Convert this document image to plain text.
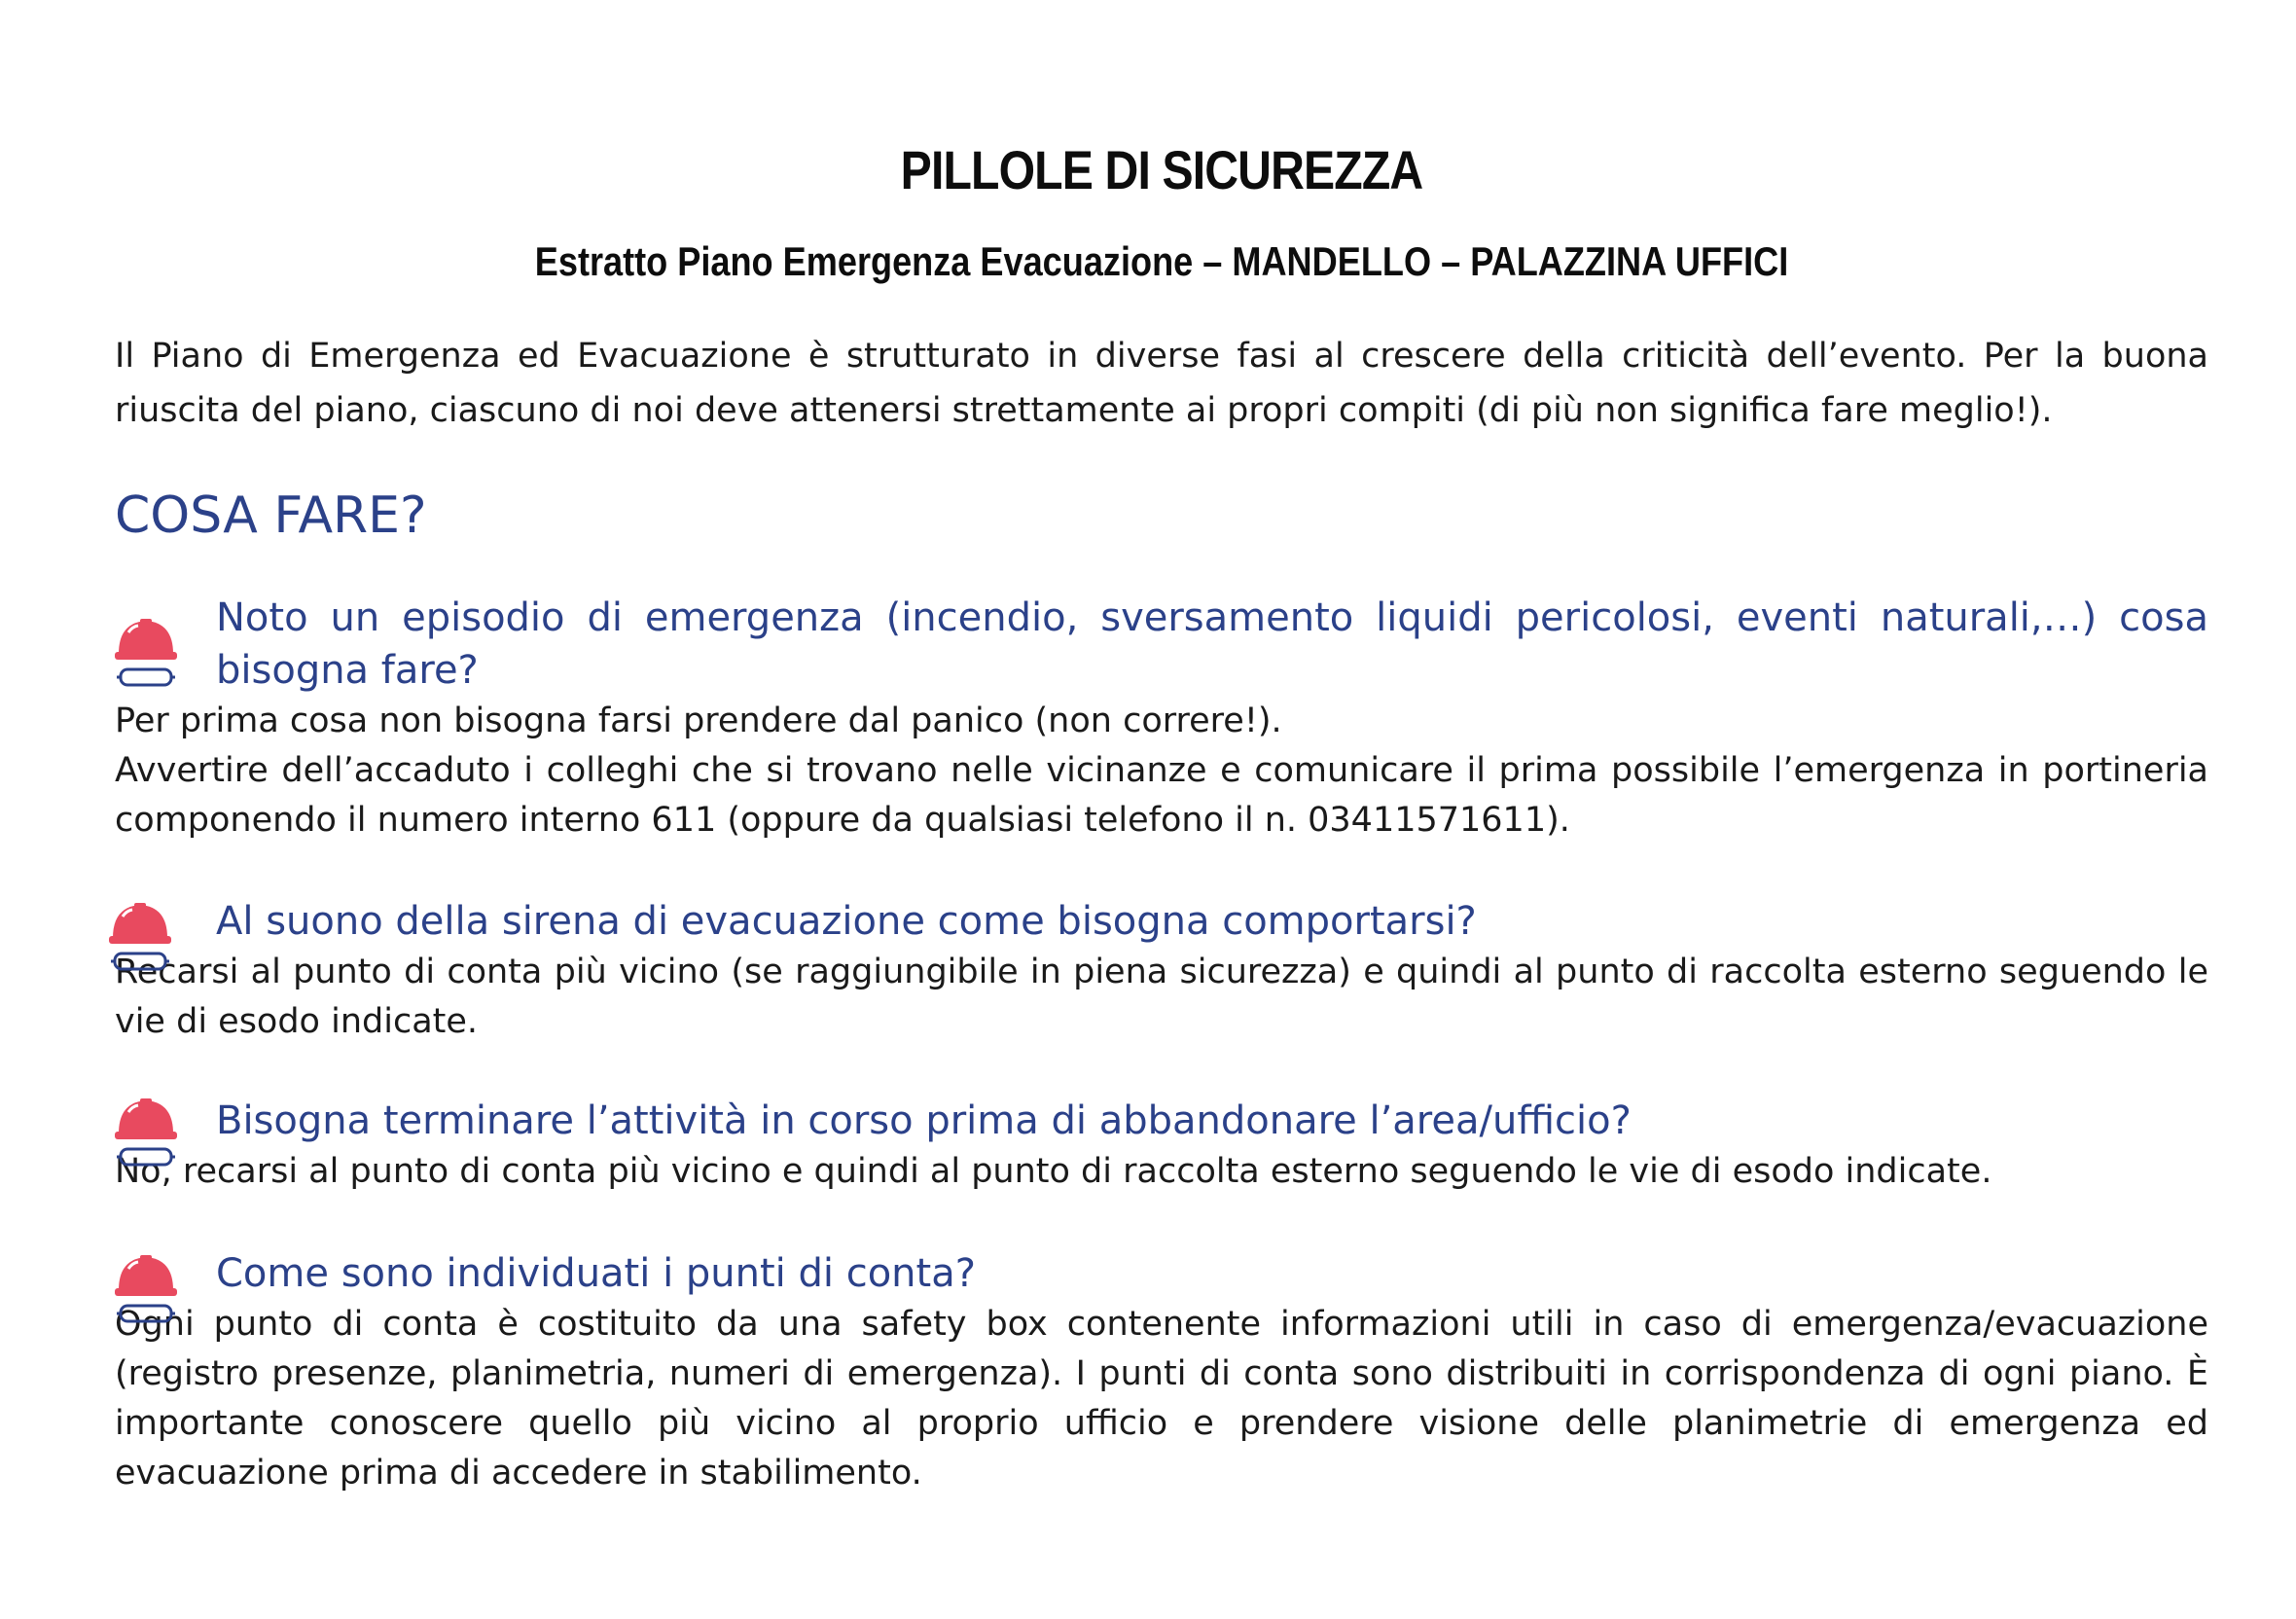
PILLOLE DI SICUREZZA
Estratto Piano Emergenza Evacuazione – MANDELLO – PALAZZINA UFFICI

Il Piano di Emergenza ed Evacuazione è strutturato in diverse fasi al crescere della criticità dell’evento. Per la buona riuscita del piano, ciascuno di noi deve attenersi strettamente ai propri compiti (di più non significa fare meglio!).

COSA FARE?

Noto un episodio di emergenza (incendio, sversamento liquidi pericolosi, eventi naturali,…) cosa bisogna fare?

Per prima cosa non bisogna farsi prendere dal panico (non correre!).

Avvertire dell’accaduto i colleghi che si trovano nelle vicinanze e comunicare il prima possibile l’emergenza in portineria componendo il numero interno 611 (oppure da qualsiasi telefono il n. 03411571611).

Al suono della sirena di evacuazione come bisogna comportarsi?

Recarsi al punto di conta più vicino (se raggiungibile in piena sicurezza) e quindi al punto di raccolta esterno seguendo le vie di esodo indicate.

Bisogna terminare l’attività in corso prima di abbandonare l’area/ufficio?

No, recarsi al punto di conta più vicino e quindi al punto di raccolta esterno seguendo le vie di esodo indicate.

Come sono individuati i punti di conta?

Ogni punto di conta è costituito da una safety box contenente informazioni utili in caso di emergenza/evacuazione (registro presenze, planimetria, numeri di emergenza). I punti di conta sono distribuiti in corrispondenza di ogni piano. È importante conoscere quello più vicino al proprio ufficio e prendere visione delle planimetrie di emergenza ed evacuazione prima di accedere in stabilimento.
